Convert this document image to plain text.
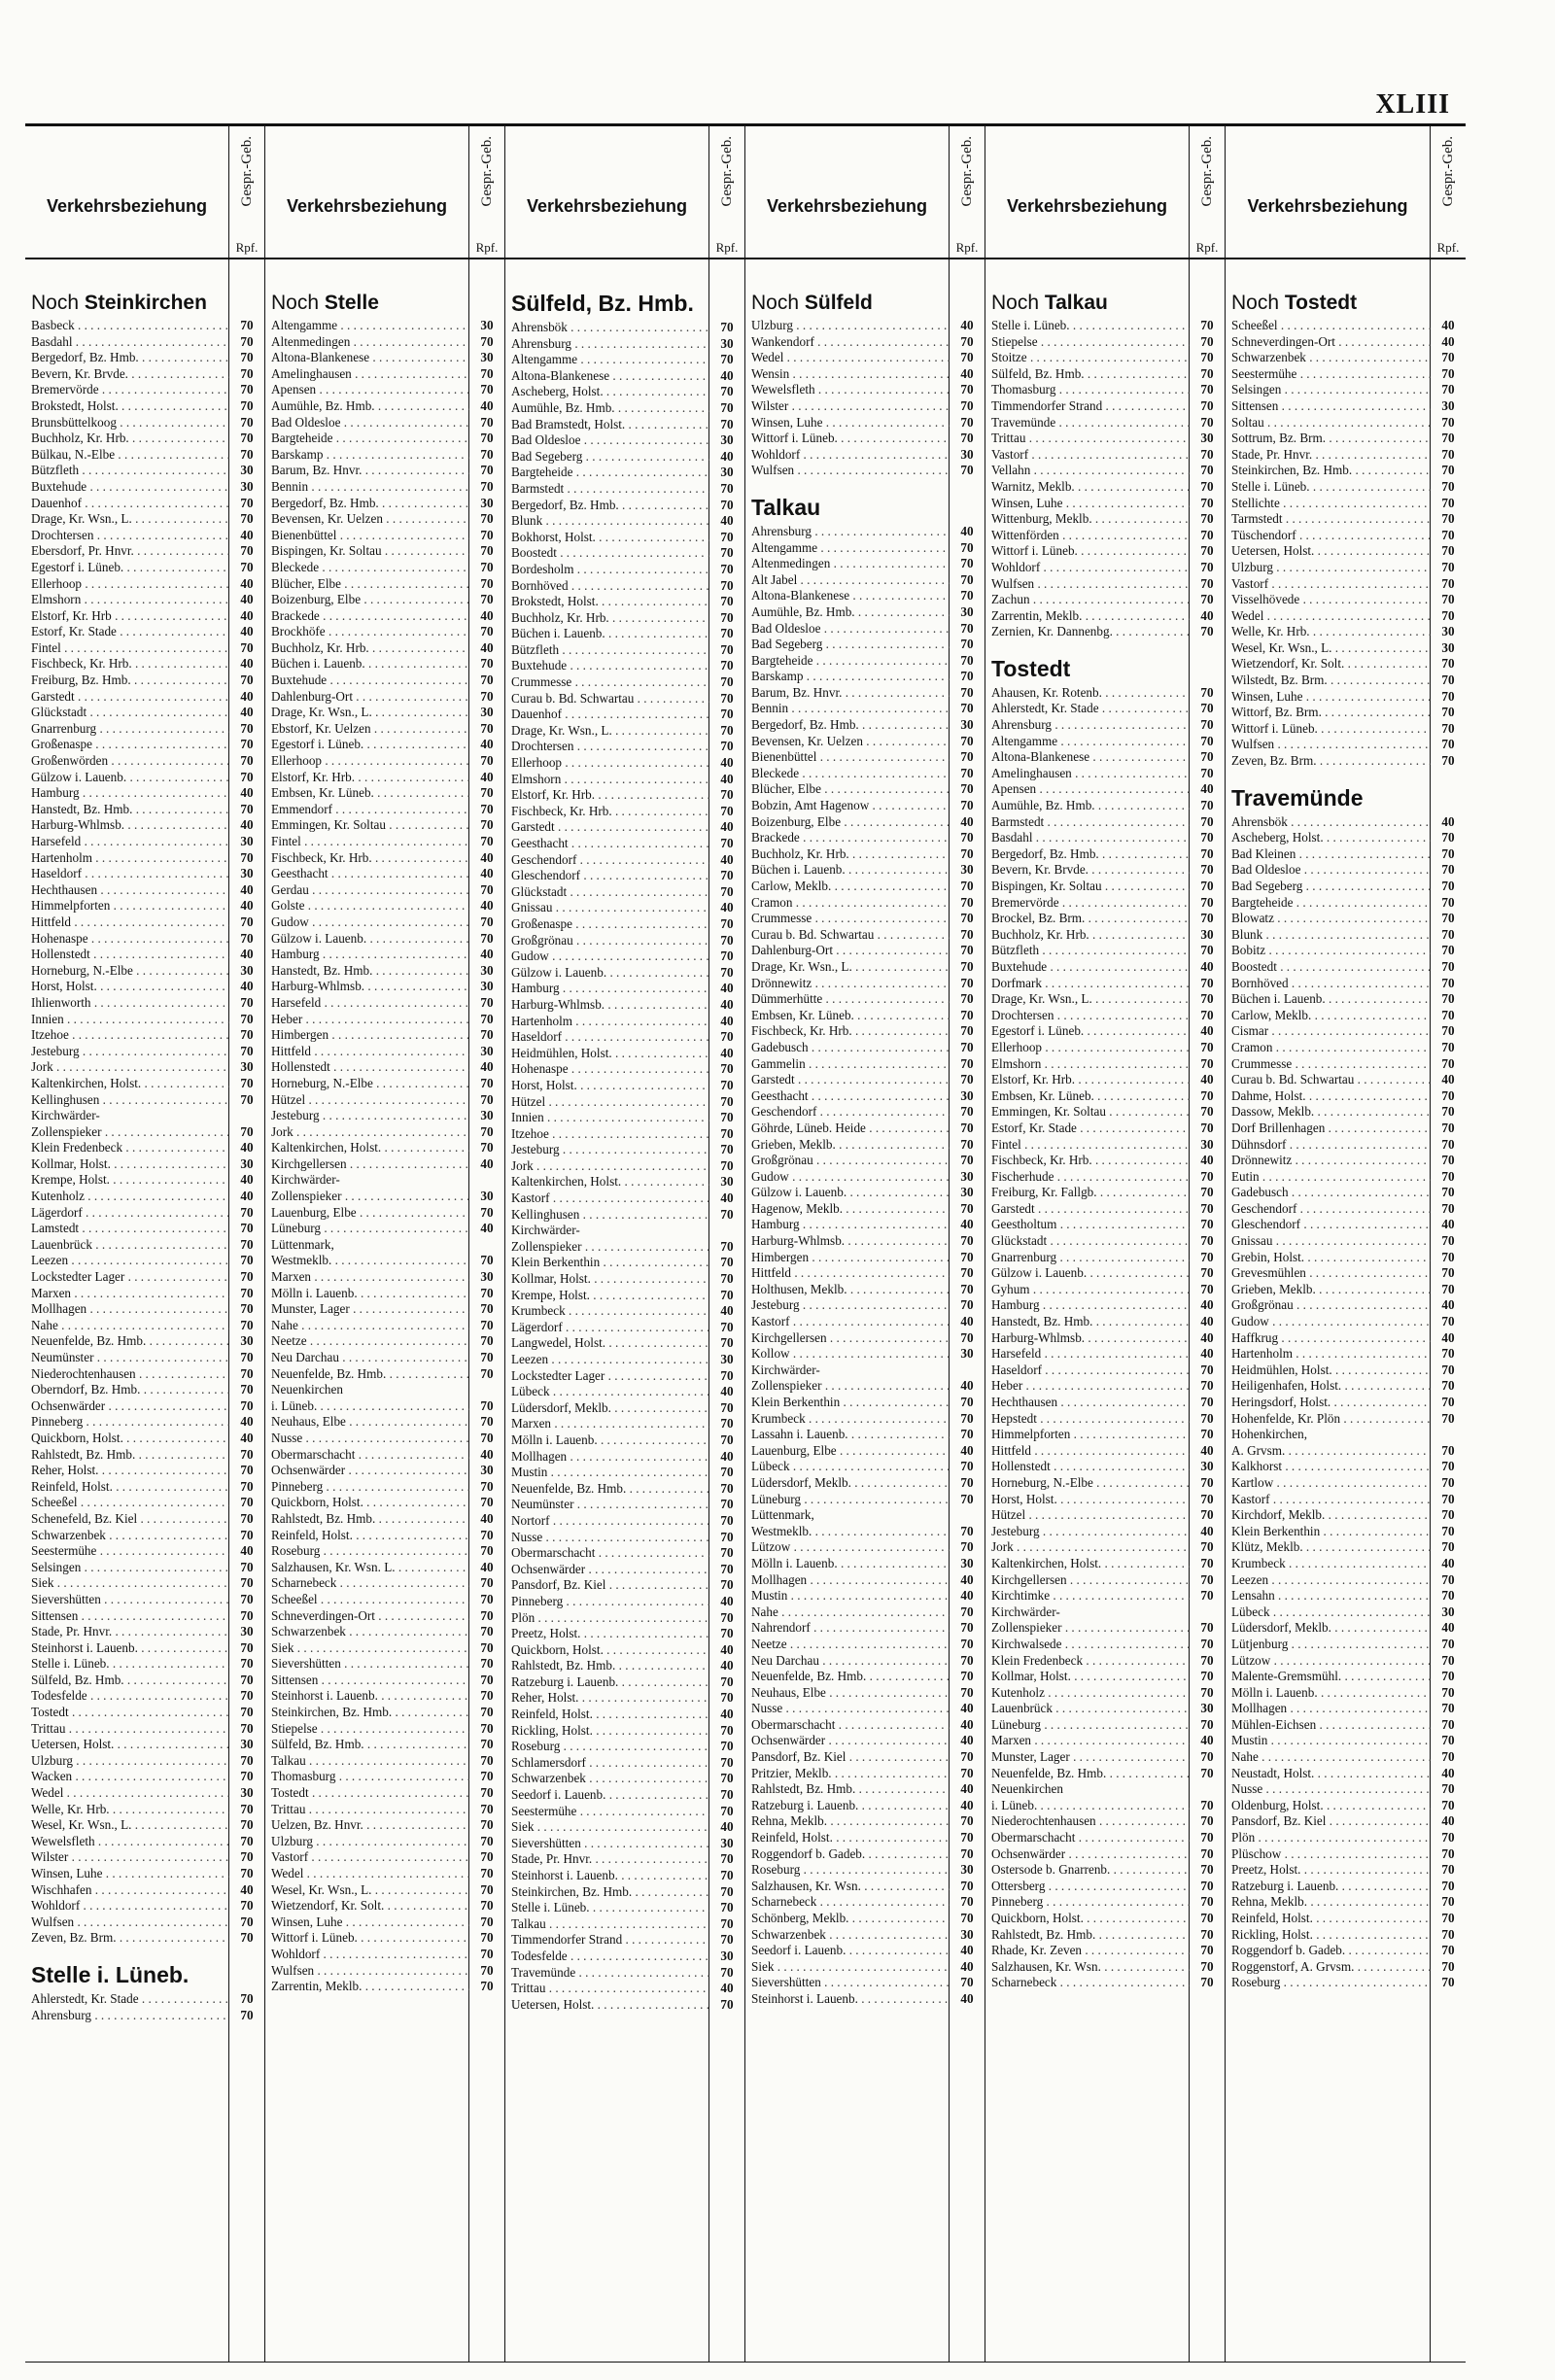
XLIII
Verkehrsbeziehung	Gespr.-Geb.
Rpf.
Noch Steinkirchen
Basbeck . . .	70
Basdahl . . .	70
Bergedorf, Bz. Hmb. . . .	70
Bevern, Kr. Brvde. . . .	70
Bremervörde . . .	70
Brokstedt, Holst. . . .	70
Brunsbüttelkoog . . .	70
Buchholz, Kr. Hrb. . . .	70
Bülkau, N.-Elbe . . .	70
Bützfleth . . .	30
Buxtehude . . .	30
Dauenhof . . .	70
Drage, Kr. Wsn., L. . . .	70
Drochtersen . . .	40
Ebersdorf, Pr. Hnvr. . . .	70
Egestorf i. Lüneb. . . .	70
Ellerhoop . . .	40
Elmshorn . . .	40
Elstorf, Kr. Hrb . . .	40
Estorf, Kr. Stade . . .	40
Fintel . . .	70
Fischbeck, Kr. Hrb. . . .	40
Freiburg, Bz. Hmb. . . .	70
Garstedt . . .	40
Glückstadt . . .	40
Gnarrenburg . . .	70
Großenaspe . . .	70
Großenwörden . . .	70
Gülzow i. Lauenb. . . .	70
Hamburg . . .	40
Hanstedt, Bz. Hmb. . . .	70
Harburg-Whlmsb. . . .	40
Harsefeld . . .	30
Hartenholm . . .	70
Haseldorf . . .	30
Hechthausen . . .	40
Himmelpforten . . .	40
Hittfeld . . .	70
Hohenaspe . . .	70
Hollenstedt . . .	40
Horneburg, N.-Elbe . . .	30
Horst, Holst. . . .	40
Ihlienworth . . .	70
Innien . . .	70
Itzehoe . . .	70
Jesteburg . . .	70
Jork . . .	30
Kaltenkirchen, Holst. . . .	70
Kellinghusen . . .	70
Kirchwärder-
Zollenspieker . . .	70
Klein Fredenbeck . . .	40
Kollmar, Holst. . . .	30
Krempe, Holst. . . .	40
Kutenholz . . .	40
Lägerdorf . . .	70
Lamstedt . . .	70
Lauenbrück . . .	70
Leezen . . .	70
Lockstedter Lager . . .	70
Marxen . . .	70
Mollhagen . . .	70
Nahe . . .	70
Neuenfelde, Bz. Hmb. . . .	30
Neumünster . . .	70
Niederochtenhausen . . .	70
Oberndorf, Bz. Hmb. . . .	70
Ochsenwärder . . .	70
Pinneberg . . .	40
Quickborn, Holst. . . .	40
Rahlstedt, Bz. Hmb. . . .	70
Reher, Holst. . . .	70
Reinfeld, Holst. . . .	70
Scheeßel . . .	70
Schenefeld, Bz. Kiel . . .	70
Schwarzenbek . . .	70
Seestermühe . . .	40
Selsingen . . .	70
Siek . . .	70
Sievershütten . . .	70
Sittensen . . .	70
Stade, Pr. Hnvr. . . .	30
Steinhorst i. Lauenb. . . .	70
Stelle i. Lüneb. . . .	70
Sülfeld, Bz. Hmb. . . .	70
Todesfelde . . .	70
Tostedt . . .	70
Trittau . . .	70
Uetersen, Holst. . . .	30
Ulzburg . . .	70
Wacken . . .	70
Wedel . . .	30
Welle, Kr. Hrb. . . .	70
Wesel, Kr. Wsn., L. . . .	70
Wewelsfleth . . .	70
Wilster . . .	70
Winsen, Luhe . . .	70
Wischhafen . . .	40
Wohldorf . . .	70
Wulfsen . . .	70
Zeven, Bz. Brm. . . .	70
Stelle i. Lüneb.
Ahlerstedt, Kr. Stade . . .	70
Ahrensburg . . .	70
Verkehrsbeziehung	Gespr.-Geb.
Rpf.
Noch Stelle
Altengamme . . .	30
Altenmedingen . . .	70
Altona-Blankenese . . .	30
Amelinghausen . . .	70
Apensen . . .	70
Aumühle, Bz. Hmb. . . .	40
Bad Oldesloe . . .	70
Bargteheide . . .	70
Barskamp . . .	70
Barum, Bz. Hnvr. . . .	70
Bennin . . .	70
Bergedorf, Bz. Hmb. . . .	30
Bevensen, Kr. Uelzen . . .	70
Bienenbüttel . . .	70
Bispingen, Kr. Soltau . . .	70
Bleckede . . .	70
Blücher, Elbe . . .	70
Boizenburg, Elbe . . .	70
Brackede . . .	40
Brockhöfe . . .	70
Buchholz, Kr. Hrb. . . .	40
Büchen i. Lauenb. . . .	70
Buxtehude . . .	70
Dahlenburg-Ort . . .	70
Drage, Kr. Wsn., L. . . .	30
Ebstorf, Kr. Uelzen . . .	70
Egestorf i. Lüneb. . . .	40
Ellerhoop . . .	70
Elstorf, Kr. Hrb. . . .	40
Embsen, Kr. Lüneb. . . .	70
Emmendorf . . .	70
Emmingen, Kr. Soltau . . .	70
Fintel . . .	70
Fischbeck, Kr. Hrb. . . .	40
Geesthacht . . .	40
Gerdau . . .	70
Golste . . .	40
Gudow . . .	70
Gülzow i. Lauenb. . . .	70
Hamburg . . .	40
Hanstedt, Bz. Hmb. . . .	30
Harburg-Whlmsb. . . .	30
Harsefeld . . .	70
Heber . . .	70
Himbergen . . .	70
Hittfeld . . .	30
Hollenstedt . . .	40
Horneburg, N.-Elbe . . .	70
Hützel . . .	70
Jesteburg . . .	30
Jork . . .	70
Kaltenkirchen, Holst. . . .	70
Kirchgellersen . . .	40
Kirchwärder-
Zollenspieker . . .	30
Lauenburg, Elbe . . .	70
Lüneburg . . .	40
Lüttenmark,
Westmeklb. . . .	70
Marxen . . .	30
Mölln i. Lauenb. . . .	70
Munster, Lager . . .	70
Nahe . . .	70
Neetze . . .	70
Neu Darchau . . .	70
Neuenfelde, Bz. Hmb. . . .	70
Neuenkirchen
i. Lüneb. . . .	70
Neuhaus, Elbe . . .	70
Nusse . . .	70
Obermarschacht . . .	40
Ochsenwärder . . .	30
Pinneberg . . .	70
Quickborn, Holst. . . .	70
Rahlstedt, Bz. Hmb. . . .	40
Reinfeld, Holst. . . .	70
Roseburg . . .	70
Salzhausen, Kr. Wsn. L. . . .	40
Scharnebeck . . .	70
Scheeßel . . .	70
Schneverdingen-Ort . . .	70
Schwarzenbek . . .	70
Siek . . .	70
Sievershütten . . .	70
Sittensen . . .	70
Steinhorst i. Lauenb. . . .	70
Steinkirchen, Bz. Hmb. . . .	70
Stiepelse . . .	70
Sülfeld, Bz. Hmb. . . .	70
Talkau . . .	70
Thomasburg . . .	70
Tostedt . . .	70
Trittau . . .	70
Uelzen, Bz. Hnvr. . . .	70
Ulzburg . . .	70
Vastorf . . .	70
Wedel . . .	70
Wesel, Kr. Wsn., L. . . .	70
Wietzendorf, Kr. Solt. . . .	70
Winsen, Luhe . . .	70
Wittorf i. Lüneb. . . .	70
Wohldorf . . .	70
Wulfsen . . .	70
Zarrentin, Meklb. . . .	70
Verkehrsbeziehung	Gespr.-Geb.
Rpf.
Sülfeld, Bz. Hmb.
Ahrensbök . . .	70
Ahrensburg . . .	30
Altengamme . . .	70
Altona-Blankenese . . .	40
Ascheberg, Holst. . . .	70
Aumühle, Bz. Hmb. . . .	70
Bad Bramstedt, Holst. . . .	70
Bad Oldesloe . . .	30
Bad Segeberg . . .	40
Bargteheide . . .	30
Barmstedt . . .	70
Bergedorf, Bz. Hmb. . . .	70
Blunk . . .	40
Bokhorst, Holst. . . .	70
Boostedt . . .	70
Bordesholm . . .	70
Bornhöved . . .	70
Brokstedt, Holst. . . .	70
Buchholz, Kr. Hrb. . . .	70
Büchen i. Lauenb. . . .	70
Bützfleth . . .	70
Buxtehude . . .	70
Crummesse . . .	70
Curau b. Bd. Schwartau . . .	70
Dauenhof . . .	70
Drage, Kr. Wsn., L. . . .	70
Drochtersen . . .	70
Ellerhoop . . .	40
Elmshorn . . .	40
Elstorf, Kr. Hrb. . . .	70
Fischbeck, Kr. Hrb. . . .	70
Garstedt . . .	40
Geesthacht . . .	70
Geschendorf . . .	40
Gleschendorf . . .	70
Glückstadt . . .	70
Gnissau . . .	40
Großenaspe . . .	70
Großgrönau . . .	70
Gudow . . .	70
Gülzow i. Lauenb. . . .	70
Hamburg . . .	40
Harburg-Whlmsb. . . .	40
Hartenholm . . .	40
Haseldorf . . .	70
Heidmühlen, Holst. . . .	40
Hohenaspe . . .	70
Horst, Holst. . . .	70
Hützel . . .	70
Innien . . .	70
Itzehoe . . .	70
Jesteburg . . .	70
Jork . . .	70
Kaltenkirchen, Holst. . . .	30
Kastorf . . .	40
Kellinghusen . . .	70
Kirchwärder-
Zollenspieker . . .	70
Klein Berkenthin . . .	70
Kollmar, Holst. . . .	70
Krempe, Holst. . . .	70
Krumbeck . . .	40
Lägerdorf . . .	70
Langwedel, Holst. . . .	70
Leezen . . .	30
Lockstedter Lager . . .	70
Lübeck . . .	40
Lüdersdorf, Meklb. . . .	70
Marxen . . .	70
Mölln i. Lauenb. . . .	70
Mollhagen . . .	40
Mustin . . .	70
Neuenfelde, Bz. Hmb. . . .	70
Neumünster . . .	70
Nortorf . . .	70
Nusse . . .	70
Obermarschacht . . .	70
Ochsenwärder . . .	70
Pansdorf, Bz. Kiel . . .	70
Pinneberg . . .	40
Plön . . .	70
Preetz, Holst. . . .	70
Quickborn, Holst. . . .	40
Rahlstedt, Bz. Hmb. . . .	40
Ratzeburg i. Lauenb. . . .	70
Reher, Holst. . . .	70
Reinfeld, Holst. . . .	40
Rickling, Holst. . . .	70
Roseburg . . .	70
Schlamersdorf . . .	70
Schwarzenbek . . .	70
Seedorf i. Lauenb. . . .	70
Seestermühe . . .	70
Siek . . .	40
Sievershütten . . .	30
Stade, Pr. Hnvr. . . .	70
Steinhorst i. Lauenb. . . .	70
Steinkirchen, Bz. Hmb. . . .	70
Stelle i. Lüneb. . . .	70
Talkau . . .	70
Timmendorfer Strand . . .	70
Todesfelde . . .	30
Travemünde . . .	70
Trittau . . .	40
Uetersen, Holst. . . .	70
Verkehrsbeziehung	Gespr.-Geb.
Rpf.
Noch Sülfeld
Ulzburg . . .	40
Wankendorf . . .	70
Wedel . . .	70
Wensin . . .	40
Wewelsfleth . . .	70
Wilster . . .	70
Winsen, Luhe . . .	70
Wittorf i. Lüneb. . . .	70
Wohldorf . . .	30
Wulfsen . . .	70
Talkau
Ahrensburg . . .	40
Altengamme . . .	70
Altenmedingen . . .	70
Alt Jabel . . .	70
Altona-Blankenese . . .	70
Aumühle, Bz. Hmb. . . .	30
Bad Oldesloe . . .	70
Bad Segeberg . . .	70
Bargteheide . . .	70
Barskamp . . .	70
Barum, Bz. Hnvr. . . .	70
Bennin . . .	70
Bergedorf, Bz. Hmb. . . .	30
Bevensen, Kr. Uelzen . . .	70
Bienenbüttel . . .	70
Bleckede . . .	70
Blücher, Elbe . . .	70
Bobzin, Amt Hagenow . . .	70
Boizenburg, Elbe . . .	40
Brackede . . .	70
Buchholz, Kr. Hrb. . . .	70
Büchen i. Lauenb. . . .	30
Carlow, Meklb. . . .	70
Cramon . . .	70
Crummesse . . .	70
Curau b. Bd. Schwartau . . .	70
Dahlenburg-Ort . . .	70
Drage, Kr. Wsn., L. . . .	70
Drönnewitz . . .	70
Dümmerhütte . . .	70
Embsen, Kr. Lüneb. . . .	70
Fischbeck, Kr. Hrb. . . .	70
Gadebusch . . .	70
Gammelin . . .	70
Garstedt . . .	70
Geesthacht . . .	30
Geschendorf . . .	70
Göhrde, Lüneb. Heide . . .	70
Grieben, Meklb. . . .	70
Großgrönau . . .	70
Gudow . . .	30
Gülzow i. Lauenb. . . .	30
Hagenow, Meklb. . . .	70
Hamburg . . .	40
Harburg-Whlmsb. . . .	70
Himbergen . . .	70
Hittfeld . . .	70
Holthusen, Meklb. . . .	70
Jesteburg . . .	70
Kastorf . . .	40
Kirchgellersen . . .	70
Kollow . . .	30
Kirchwärder-
Zollenspieker . . .	40
Klein Berkenthin . . .	70
Krumbeck . . .	70
Lassahn i. Lauenb. . . .	70
Lauenburg, Elbe . . .	40
Lübeck . . .	70
Lüdersdorf, Meklb. . . .	70
Lüneburg . . .	70
Lüttenmark,
Westmeklb. . . .	70
Lützow . . .	70
Mölln i. Lauenb. . . .	30
Mollhagen . . .	40
Mustin . . .	40
Nahe . . .	70
Nahrendorf . . .	70
Neetze . . .	70
Neu Darchau . . .	70
Neuenfelde, Bz. Hmb. . . .	70
Neuhaus, Elbe . . .	70
Nusse . . .	40
Obermarschacht . . .	40
Ochsenwärder . . .	40
Pansdorf, Bz. Kiel . . .	70
Pritzier, Meklb. . . .	70
Rahlstedt, Bz. Hmb. . . .	40
Ratzeburg i. Lauenb. . . .	40
Rehna, Meklb. . . .	70
Reinfeld, Holst. . . .	70
Roggendorf b. Gadeb. . . .	70
Roseburg . . .	30
Salzhausen, Kr. Wsn. . . .	70
Scharnebeck . . .	70
Schönberg, Meklb. . . .	70
Schwarzenbek . . .	30
Seedorf i. Lauenb. . . .	40
Siek . . .	40
Sievershütten . . .	70
Steinhorst i. Lauenb. . . .	40
Verkehrsbeziehung	Gespr.-Geb.
Rpf.
Noch Talkau
Stelle i. Lüneb. . . .	70
Stiepelse . . .	70
Stoitze . . .	70
Sülfeld, Bz. Hmb. . . .	70
Thomasburg . . .	70
Timmendorfer Strand . . .	70
Travemünde . . .	70
Trittau . . .	30
Vastorf . . .	70
Vellahn . . .	70
Warnitz, Meklb. . . .	70
Winsen, Luhe . . .	70
Wittenburg, Meklb. . . .	70
Wittenförden . . .	70
Wittorf i. Lüneb. . . .	70
Wohldorf . . .	70
Wulfsen . . .	70
Zachun . . .	70
Zarrentin, Meklb. . . .	40
Zernien, Kr. Dannenbg. . . .	70
Tostedt
Ahausen, Kr. Rotenb. . . .	70
Ahlerstedt, Kr. Stade . . .	70
Ahrensburg . . .	70
Altengamme . . .	70
Altona-Blankenese . . .	70
Amelinghausen . . .	70
Apensen . . .	40
Aumühle, Bz. Hmb. . . .	70
Barmstedt . . .	70
Basdahl . . .	70
Bergedorf, Bz. Hmb. . . .	70
Bevern, Kr. Brvde. . . .	70
Bispingen, Kr. Soltau . . .	70
Bremervörde . . .	70
Brockel, Bz. Brm. . . .	70
Buchholz, Kr. Hrb. . . .	30
Bützfleth . . .	70
Buxtehude . . .	40
Dorfmark . . .	70
Drage, Kr. Wsn., L. . . .	70
Drochtersen . . .	70
Egestorf i. Lüneb. . . .	40
Ellerhoop . . .	70
Elmshorn . . .	70
Elstorf, Kr. Hrb. . . .	40
Embsen, Kr. Lüneb. . . .	70
Emmingen, Kr. Soltau . . .	70
Estorf, Kr. Stade . . .	70
Fintel . . .	30
Fischbeck, Kr. Hrb. . . .	40
Fischerhude . . .	70
Freiburg, Kr. Fallgb. . . .	70
Garstedt . . .	70
Geestholtum . . .	70
Glückstadt . . .	70
Gnarrenburg . . .	70
Gülzow i. Lauenb. . . .	70
Gyhum . . .	70
Hamburg . . .	40
Hanstedt, Bz. Hmb. . . .	40
Harburg-Whlmsb. . . .	40
Harsefeld . . .	40
Haseldorf . . .	70
Heber . . .	70
Hechthausen . . .	70
Hepstedt . . .	70
Himmelpforten . . .	70
Hittfeld . . .	40
Hollenstedt . . .	30
Horneburg, N.-Elbe . . .	70
Horst, Holst. . . .	70
Hützel . . .	70
Jesteburg . . .	40
Jork . . .	70
Kaltenkirchen, Holst. . . .	70
Kirchgellersen . . .	70
Kirchtimke . . .	70
Kirchwärder-
Zollenspieker . . .	70
Kirchwalsede . . .	70
Klein Fredenbeck . . .	70
Kollmar, Holst. . . .	70
Kutenholz . . .	70
Lauenbrück . . .	30
Lüneburg . . .	70
Marxen . . .	40
Munster, Lager . . .	70
Neuenfelde, Bz. Hmb. . . .	70
Neuenkirchen
i. Lüneb. . . .	70
Niederochtenhausen . . .	70
Obermarschacht . . .	70
Ochsenwärder . . .	70
Ostersode b. Gnarrenb. . . .	70
Ottersberg . . .	70
Pinneberg . . .	70
Quickborn, Holst. . . .	70
Rahlstedt, Bz. Hmb. . . .	70
Rhade, Kr. Zeven . . .	70
Salzhausen, Kr. Wsn. . . .	70
Scharnebeck . . .	70
Verkehrsbeziehung	Gespr.-Geb.
Rpf.
Noch Tostedt
Scheeßel . . .	40
Schneverdingen-Ort . . .	40
Schwarzenbek . . .	70
Seestermühe . . .	70
Selsingen . . .	70
Sittensen . . .	30
Soltau . . .	70
Sottrum, Bz. Brm. . . .	70
Stade, Pr. Hnvr. . . .	70
Steinkirchen, Bz. Hmb. . . .	70
Stelle i. Lüneb. . . .	70
Stellichte . . .	70
Tarmstedt . . .	70
Tüschendorf . . .	70
Uetersen, Holst. . . .	70
Ulzburg . . .	70
Vastorf . . .	70
Visselhövede . . .	70
Wedel . . .	70
Welle, Kr. Hrb. . . .	30
Wesel, Kr. Wsn., L. . . .	30
Wietzendorf, Kr. Solt. . . .	70
Wilstedt, Bz. Brm. . . .	70
Winsen, Luhe . . .	70
Wittorf, Bz. Brm. . . .	70
Wittorf i. Lüneb. . . .	70
Wulfsen . . .	70
Zeven, Bz. Brm. . . .	70
Travemünde
Ahrensbök . . .	40
Ascheberg, Holst. . . .	70
Bad Kleinen . . .	70
Bad Oldesloe . . .	70
Bad Segeberg . . .	70
Bargteheide . . .	70
Blowatz . . .	70
Blunk . . .	70
Bobitz . . .	70
Boostedt . . .	70
Bornhöved . . .	70
Büchen i. Lauenb. . . .	70
Carlow, Meklb. . . .	70
Cismar . . .	70
Cramon . . .	70
Crummesse . . .	70
Curau b. Bd. Schwartau . . .	40
Dahme, Holst. . . .	70
Dassow, Meklb. . . .	70
Dorf Brillenhagen . . .	70
Dühnsdorf . . .	70
Drönnewitz . . .	70
Eutin . . .	70
Gadebusch . . .	70
Geschendorf . . .	70
Gleschendorf . . .	40
Gnissau . . .	70
Grebin, Holst. . . .	70
Grevesmühlen . . .	70
Grieben, Meklb. . . .	70
Großgrönau . . .	40
Gudow . . .	70
Haffkrug . . .	40
Hartenholm . . .	70
Heidmühlen, Holst. . . .	70
Heiligenhafen, Holst. . . .	70
Heringsdorf, Holst. . . .	70
Hohenfelde, Kr. Plön . . .	70
Hohenkirchen,
A. Grvsm. . . .	70
Kalkhorst . . .	70
Kartlow . . .	70
Kastorf . . .	70
Kirchdorf, Meklb. . . .	70
Klein Berkenthin . . .	70
Klütz, Meklb. . . .	70
Krumbeck . . .	40
Leezen . . .	70
Lensahn . . .	70
Lübeck . . .	30
Lüdersdorf, Meklb. . . .	40
Lütjenburg . . .	70
Lützow . . .	70
Malente-Gremsmühl. . . .	70
Mölln i. Lauenb. . . .	70
Mollhagen . . .	70
Mühlen-Eichsen . . .	70
Mustin . . .	70
Nahe . . .	70
Neustadt, Holst. . . .	40
Nusse . . .	70
Oldenburg, Holst. . . .	70
Pansdorf, Bz. Kiel . . .	40
Plön . . .	70
Plüschow . . .	70
Preetz, Holst. . . .	70
Ratzeburg i. Lauenb. . . .	70
Rehna, Meklb. . . .	70
Reinfeld, Holst. . . .	70
Rickling, Holst. . . .	70
Roggendorf b. Gadeb. . . .	70
Roggenstorf, A. Grvsm. . . .	70
Roseburg . . .	70
